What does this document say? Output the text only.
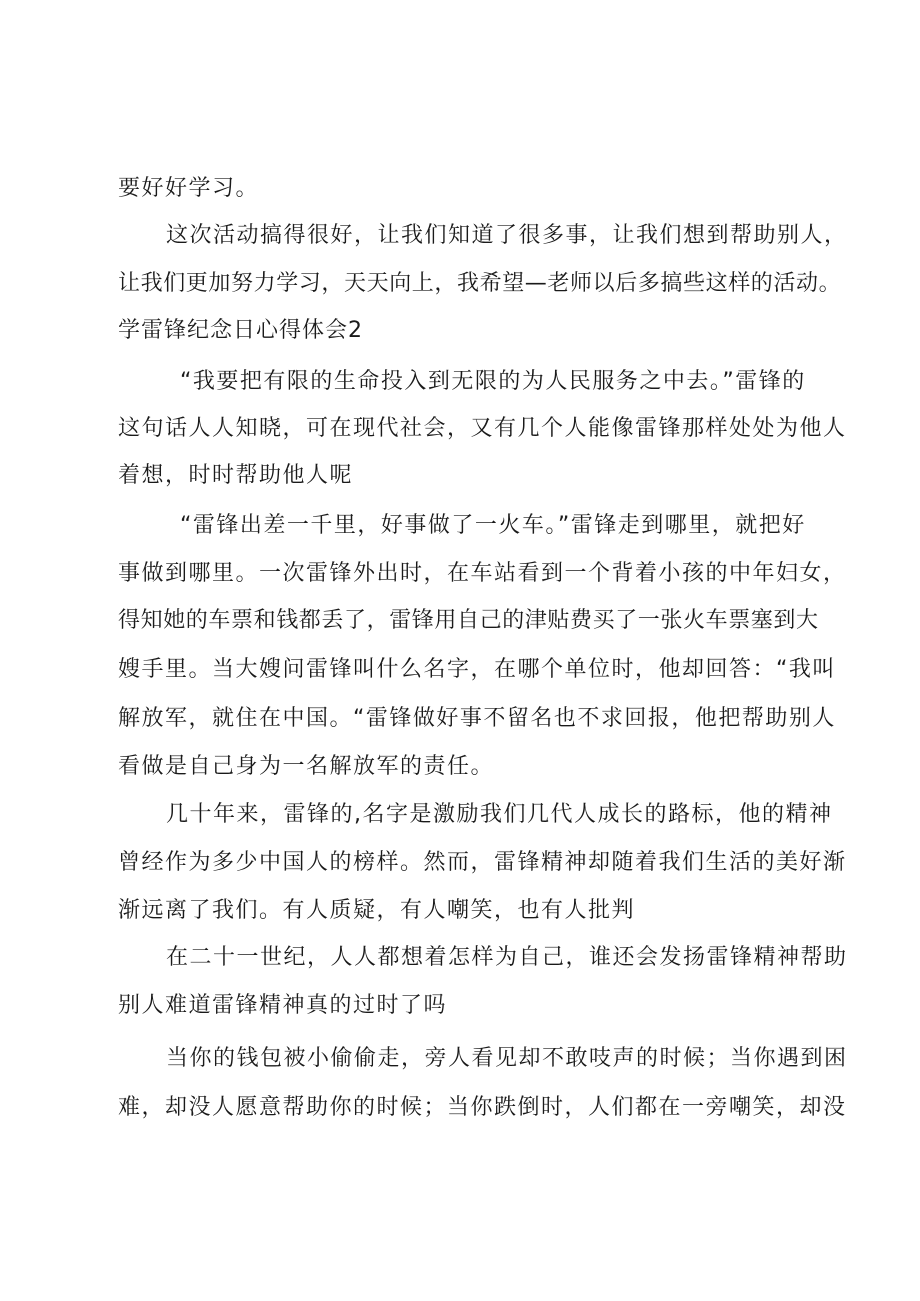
要好好学习。
这次活动搞得很好，让我们知道了很多事，让我们想到帮助别人，
让我们更加努力学习，天天向上，我希望—老师以后多搞些这样的活动。
学雷锋纪念日心得体会2
“我要把有限的生命投入到无限的为人民服务之中去。”雷锋的
这句话人人知晓，可在现代社会，又有几个人能像雷锋那样处处为他人
着想，时时帮助他人呢
“雷锋出差一千里，好事做了一火车。”雷锋走到哪里，就把好
事做到哪里。一次雷锋外出时，在车站看到一个背着小孩的中年妇女，
得知她的车票和钱都丢了，雷锋用自己的津贴费买了一张火车票塞到大
嫂手里。当大嫂问雷锋叫什么名字，在哪个单位时，他却回答：“我叫
解放军，就住在中国。“雷锋做好事不留名也不求回报，他把帮助别人
看做是自己身为一名解放军的责任。
几十年来，雷锋的,名字是激励我们几代人成长的路标，他的精神
曾经作为多少中国人的榜样。然而，雷锋精神却随着我们生活的美好渐
渐远离了我们。有人质疑，有人嘲笑，也有人批判
在二十一世纪，人人都想着怎样为自己，谁还会发扬雷锋精神帮助
别人难道雷锋精神真的过时了吗
当你的钱包被小偷偷走，旁人看见却不敢吱声的时候；当你遇到困
难，却没人愿意帮助你的时候；当你跌倒时，人们都在一旁嘲笑，却没
